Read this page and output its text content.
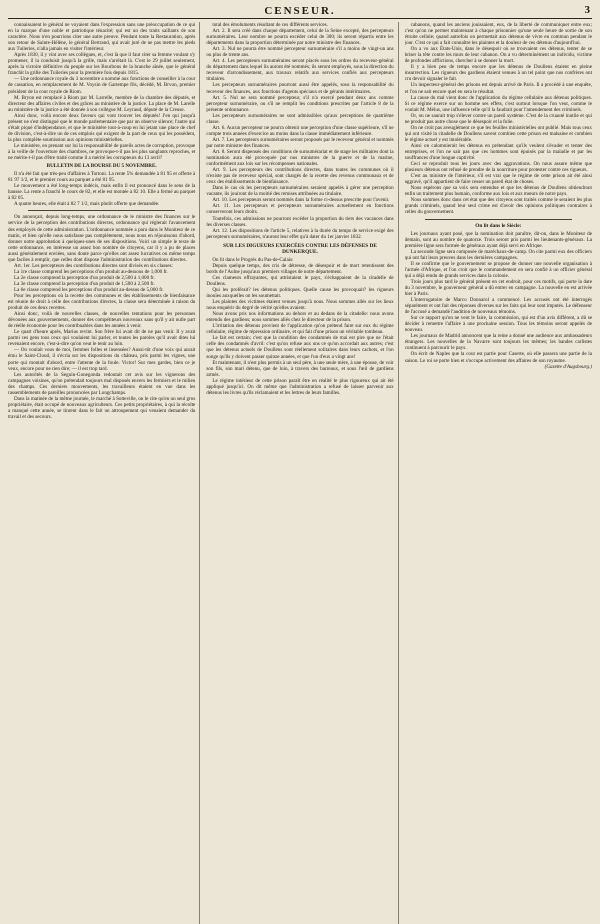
CENSEUR.	3

connaissaient le général ne voyaient dans l'expression sans une préoccupation de ce qui en la marque d'une noble et patriotique ténacité; qui est un des traits saillants de son caractère. Nous n'en pourrions citer une autre preuve. Pendant toute la Restauration, après son retour de Sainte-Hélène, le général Bertrand, qui avait juré de ne pas mettre les pieds aux Tuileries, n'alla jamais en visiter l'intérieur.

Après 1830, il y vint avec ses collègues, et, c'est là que il faut citer sa femme voulant s'y promener, il la conduisit jusqu'à la grille, mais s'arrêtait là. C'est le 29 juillet seulement, après la victoire définitive du peuple sur les Bourbons de la branche aînée, que le général franchit la grille des Tuileries pour la première fois depuis 1815.

— Une ordonnance royale du 3 novembre a nommé aux fonctions de conseiller à la cour de cassation, en remplacement de M. Voysin de Gartempe fils, décédé, M. Brvon, premier président de la cour royale de Riom.

M. Bryon est remplacé à Riom par M. Larrelle, membre de la chambre des députés, et directeur des affaires civiles et des grâces au ministère de la justice. La place de M. Larelle au ministère de la justice a été donnée à son collègue M. Leyraud, député de la Creuse.

Ainsi donc, voilà encore deux faveurs qui vont trouver les députés! J'en qui jusqu'à présent ne s'est distingué que le monde parlementaire que par un observe silence; l'autre qui s'était piqué d'indépendance, et que le ministère tout-à-coup en lui jetant une place de chef de division, c'est-à-dire un de ces emplois qui exigent de la part de ceux qui les possèdent, la plus complète soumission aux opinions ministérielles.

Le ministère, en prenant sur lui la responsabilité de pareils actes de corruption, provoque à la veille de l'ouverture des chambres, ne provoque-t-il pas les plus sanglants reproches, et ne mérite-t-il pas d'être traité comme il a mérité les corrupteurs du 13 avril?

BULLETIN DE LA BOURSE DU 5 NOVEMBRE.

Il n'a été fait que très-peu d'affaires à Tortoni. La rente 5% demandée à 81 95 et offerte à 81 97 1/2, et le premier cours au parquet a été 81 95.

Le mouvement a été long-temps indécis, mais enfin il est prononcé dans le sens de la hausse. La rente a franchi le cours de 82, et elle est montée à 82 10. Elle a fermé au parquet à 82 05.

A quatre heures, elle était à 82 7 1/2, mais plutôt offerte que demandée.

On annonçait, depuis long-temps, une ordonnance de le ministre des finances sur le service de la perception des contributions directes, ordonnance qui réglerait l'avancement des employés de cette administration. L'ordonnance nommée a paru dans le Moniteur de ce matin, et bien qu'elle nous satisfasse pas complètement, nous nous en réjouissons d'abord, donner notre approbation à quelques-unes de ses dispositions. Voici un simple le texte de cette ordonnance, en intéresse un assez bon nombre de citoyens, car il y a pu de places aussi généralement enviées, sans doute parce qu'elles ont assez lucratives ou même temps que faciles à remplir, que celles dont dispose l'administration des contributions directes.

Art. 1er. Les percepteurs des contributions directes sont divisés en six classes:

La 1re classe comprend les perceptions d'un produit au-dessous de 1,000 fr.

La 2e classe comprend la perception d'un produit de 2,500 à 1,000 fr.

La 3e classe comprend la perception d'un produit de 1,500 à 2,500 fr.

La 6e classe comprend les perceptions d'un produit au-dessus de 5,000 fr.

Pour les perceptions où la recette des communes et des établissements de bienfaisance est réunie de droit à celle des contributions directes, la classe sera déterminée à raison du produit de ces deux recettes.

Ainsi donc, voilà de nouvelles classes, de nouvelles tentations pour les personnes dévouées aux gouvernements, donner des compétiteurs nouveaux sans qu'il y ait nulle part de réelle économie pour les contribuables dans les années à venir.

Le quart d'heure après, Marius revint. Son frère lui avait dit de ne pas venir. Il y avait parmi ces gens tous ceux qui voulaient lui parler, et toutes les paroles qu'il avait dites lui revenaient encore, c'est-à-dire qu'on veut le tenir au loin.

— On voulait vous de moi, femmes folles et insensées? Aussi-tôt d'une voix qui aurait ému le Saint-Cloud, il s'écria sur les dispositions du château, pris parmi les vignes, une porte qui montait d'abord, entre l'attente de la foule. Victor! Sur mes gardes, bien ce je veux, encore pour ne rien dire; — il est trop tard.

Les autorités de la Seguin-Gonegonda redoutait cet avis sur les vignerons des campagnes voisines, qu'on prétendait toujours mal disposés envers les fermiers et le milieu des champs. Ces derniers mouvements, les travailleurs étaient en vue dans les rassemblements de pareilles prononcées par Longchamps.

Dans la matinée de la même journée, le marché à Sotteville, on le cite qu'en un seul gros propriétaire, était occupé de nouveaux agriculteurs. Ces petits propriétaires, à qui la récolte a manqué cette année, se tinrent dans le fait un attroupement qui venaient demander du travail et des secours.

total des émoluments résultant de ces différents services.

Art. 2. Il sera créé dans chaque département, celui de la Seine excepté, des percepteurs surnuméraires. Leur nombre ne pourra excéder celui de 300; ils seront répartis entre les départements dans la proportion déterminée par notre ministre des finances.

Art. 3. Nul ne pourra être nommé percepteur surnuméraire s'il a moins de vingt-un ans ou plus de trente ans.

Art. 4. Les percepteurs surnuméraires seront placés sous les ordres du receveur-général du département dans lequel ils auront été nommés; ils seront employés, sous la direction du receveur d'arrondissement, aux travaux relatifs aux services confiés aux percepteurs titulaires.

Les percepteurs surnuméraires pourront aussi être appelés, sous la responsabilité du receveur des finances, aux fonctions d'agents spéciaux et de gérants intérimaires.

Art. 5. Nul ne sera nommé percepteur, s'il n'a exercé pendant deux ans comme percepteur surnuméraire, ou s'il ne remplit les conditions prescrites par l'article 8 de la présente ordonnance.

Les percepteurs surnuméraires ne sont admissibles qu'aux perceptions de quatrième classe.

Art. 6. Aucun percepteur ne pourra obtenir une perception d'une classe supérieure, s'il ne compte trois années d'exercice au moins dans la classe immédiatement inférieure.

Art. 7. Les percepteurs surnuméraires seront proposés par le receveur général et nommés par notre ministre des finances.

Art. 8. Seront dispensés des conditions de surnumérariat et de stage les militaires dont la nomination aura été provoquée par nos ministres de la guerre et de la marine, conformément aux lois sur les récompenses nationales.

Art. 9. Les percepteurs des contributions directes, dans toutes les communes où il n'existe pas de receveur spécial, sont chargés de la recette des revenus communaux et de ceux des établissements de bienfaisance.

Dans le cas où les percepteurs surnuméraires seraient appelés à gérer une perception vacante, ils jouiront de la moitié des remises attribuées au titulaire.

Art. 10. Les percepteurs seront nommés dans la forme ci-dessus prescrite pour l'avenir.

Art. 11. Les percepteurs et percepteurs surnuméraires actuellement en fonctions conserveront leurs droits.

Toutefois, ces admissions ne pourront excéder la proportion du tiers des vacances dans les diverses classes.

Art. 12. Les dispositions de l'article 5, relatives à la durée du temps de service exigé des percepteurs surnuméraires, n'auront leur effet qu'à dater du 1er janvier 1832.

SUR LES DIGUEURS EXERCÉES CONTRE LES DÉFENSES DE DUNKERQUE.

On lit dans le Progrès du Pas-de-Calais:

Depuis quelque temps, des cris de détresse, de désespoir et de mort retentissent des bords de l'Aulne jusqu'aux premiers villages de notre département.

Ces clameurs effrayantes, qui attristaient le pays, s'échappaient de la citadelle de Doullens.

Qui les proférait? les détenus politiques. Quelle cause les provoquait? les rigueurs inouïes auxquelles on les soumettait.

Les plaintes des victimes étaient venues jusqu'à nous. Nous sommes allés sur les lieux nous enquérir du degré de vérité qu'elles avaient.

Nous avons pris nos informations au dehors et au dedans de la citadelle: nous avons entendu des gardiens; nous sommes allés chez le directeur de la prison.

L'irritation des détenus provient de l'application qu'on prétend faire sur eux du régime cellulaire, régime de répression ordinaire, et qui fait d'une prison un véritable tombeau.

Le fait est certain; c'est que la condition des condamnés de mai est pire que ne l'était celle des condamnés d'avril: c'est qu'on refuse aux uns ce qu'on accordait aux autres; c'est que les détenus actuels de Doullens sont réellement solitaires dans leurs cachots, et l'on songe qu'ils y doivent passer quinze années, et que l'un d'eux a vingt ans!

Et maintenant, il n'est plus permis à un seul père, à une seule mère, à une épouse, de voir son fils, son mari détenu, que de loin, à travers des barreaux, et sous l'œil de gardiens armés.

Le régime intérieur de cette prison paraît être en réalité le plus rigoureux qui ait été appliqué jusqu'ici. On dit même que l'administration a refusé de laisser parvenir aux détenus les livres qu'ils réclamaient et les lettres de leurs familles.

cabanons, quand les anciens jouissaient, eux, de la liberté de communiquer entre eux; c'est qu'on ne permet maintenant à chaque prisonnier qu'une seule heure de sortie de son étroite cellule; quand autrefois on permettait aux détenus de vivre en commun pendant le jour. C'est ce qui a fait connaître les plaintes et la douleur de ces détenus d'aujourd'hui.

On a vu aux États-Unis, dans le désespoir où se trouvaient ces détenus, tenter de se briser la tête contre les murs de leur cabanon. On a vu déterminément un individu, victime de profondes afflictions, chercher à se donner la mort.

Il y a bien peu de temps encore que les détenus de Doullens étaient en pleine insurrection. Les rigueurs des gardiens étaient venues à un tel point que nos confrères ont cru devoir signaler le fait.

Un inspecteur-général des prisons est depuis arrivé de Paris. Il a procédé à une enquête, et l'on ne sait encore quel en sera le résultat.

La cause du mal vient donc de l'application du régime cellulaire aux détenus politiques. Si ce régime exerce sur un homme ses effets, c'est surtout lorsque l'on veut, comme le voulait M. Mélus, une influence telle qu'il la faudrait pour l'amendement des criminels.

Or, on ne saurait trop s'élever contre un pareil système. C'est de la cruauté inutile et qui ne produit pas autre chose que le désespoir et la folie.

On ne croit pas aveuglément ce que les feuilles ministérielles ont publié. Mais tous ceux qui ont visité la citadelle de Doullens savent combien cette prison est malsaine et combien le régime actuel y est intolérable.

Ainsi on calomnierait les détenus en prétendant qu'ils veulent s'évader et tenter des entreprises, et l'on ne sait pas que ces hommes sont épuisés par la maladie et par les souffrances d'une longue captivité.

Ceci se reproduit tous les jours avec des aggravations. On nous assure même que plusieurs détenus ont refusé de prendre de la nourriture pour protester contre ces rigueurs.

C'est au ministre de l'intérieur, s'il est vrai que le régime de cette prison ait été ainsi aggravé, qu'il appartient de faire cesser un pareil état de choses.

Nous espérons que sa voix sera entendue et que les détenus de Doullens obtiendront enfin un traitement plus humain, conforme aux lois et aux mœurs de notre pays.

Nous sommes donc dans cet état que des citoyens sont traités comme le seraient les plus grands criminels, quand leur seul crime est d'avoir des opinions politiques contraires à celles du gouvernement.

On lit dans le Siècle:

Les journaux ayant posé, que la nomination doit paraître, dit-on, dans le Moniteur de demain, sont au nombre de quatorze. Trois seront pris parmi les lieutenants-généraux. La première ligne sera formée de généraux ayant déjà servi en Afrique.

La seconde ligne sera composée de maréchaux-de-camp. On cite parmi eux des officiers qui ont fait leurs preuves dans les dernières campagnes.

Il se confirme que le gouvernement se propose de donner une nouvelle organisation à l'armée d'Afrique, et l'on croit que le commandement en sera confié à un officier général qui a déjà rendu de grands services dans la colonie.

Trois jours plus tard le général présent en cet endroit, pour ces motifs, qui porte la date du 3 novembre, le gouverneur général a dû entrer en campagne. La nouvelle en est arrivée hier à Paris.

L'interrogatoire de Marco Donnarol a commencé. Les accusés ont été interrogés séparément et ont fait des réponses diverses sur les faits qui leur sont imputés. Le défenseur de l'accusé a demandé l'audition de nouveaux témoins.

Sur ce rapport qu'on ne veut le faire, la commission, qui est d'un avis différent, a dû se décider à remettre l'affaire à une prochaine session. Tous les témoins seront appelés de nouveau.

Les journaux de Madrid annoncent que la reine a donné une audience aux ambassadeurs étrangers. Les nouvelles de la Navarre sont toujours les mêmes; les bandes carlistes continuent à parcourir le pays.

On écrit de Naples que la cour est partie pour Caserte, où elle passera une partie de la saison. Le roi se porte bien et s'occupe activement des affaires de son royaume.

(Gazette d'Augsbourg.)
